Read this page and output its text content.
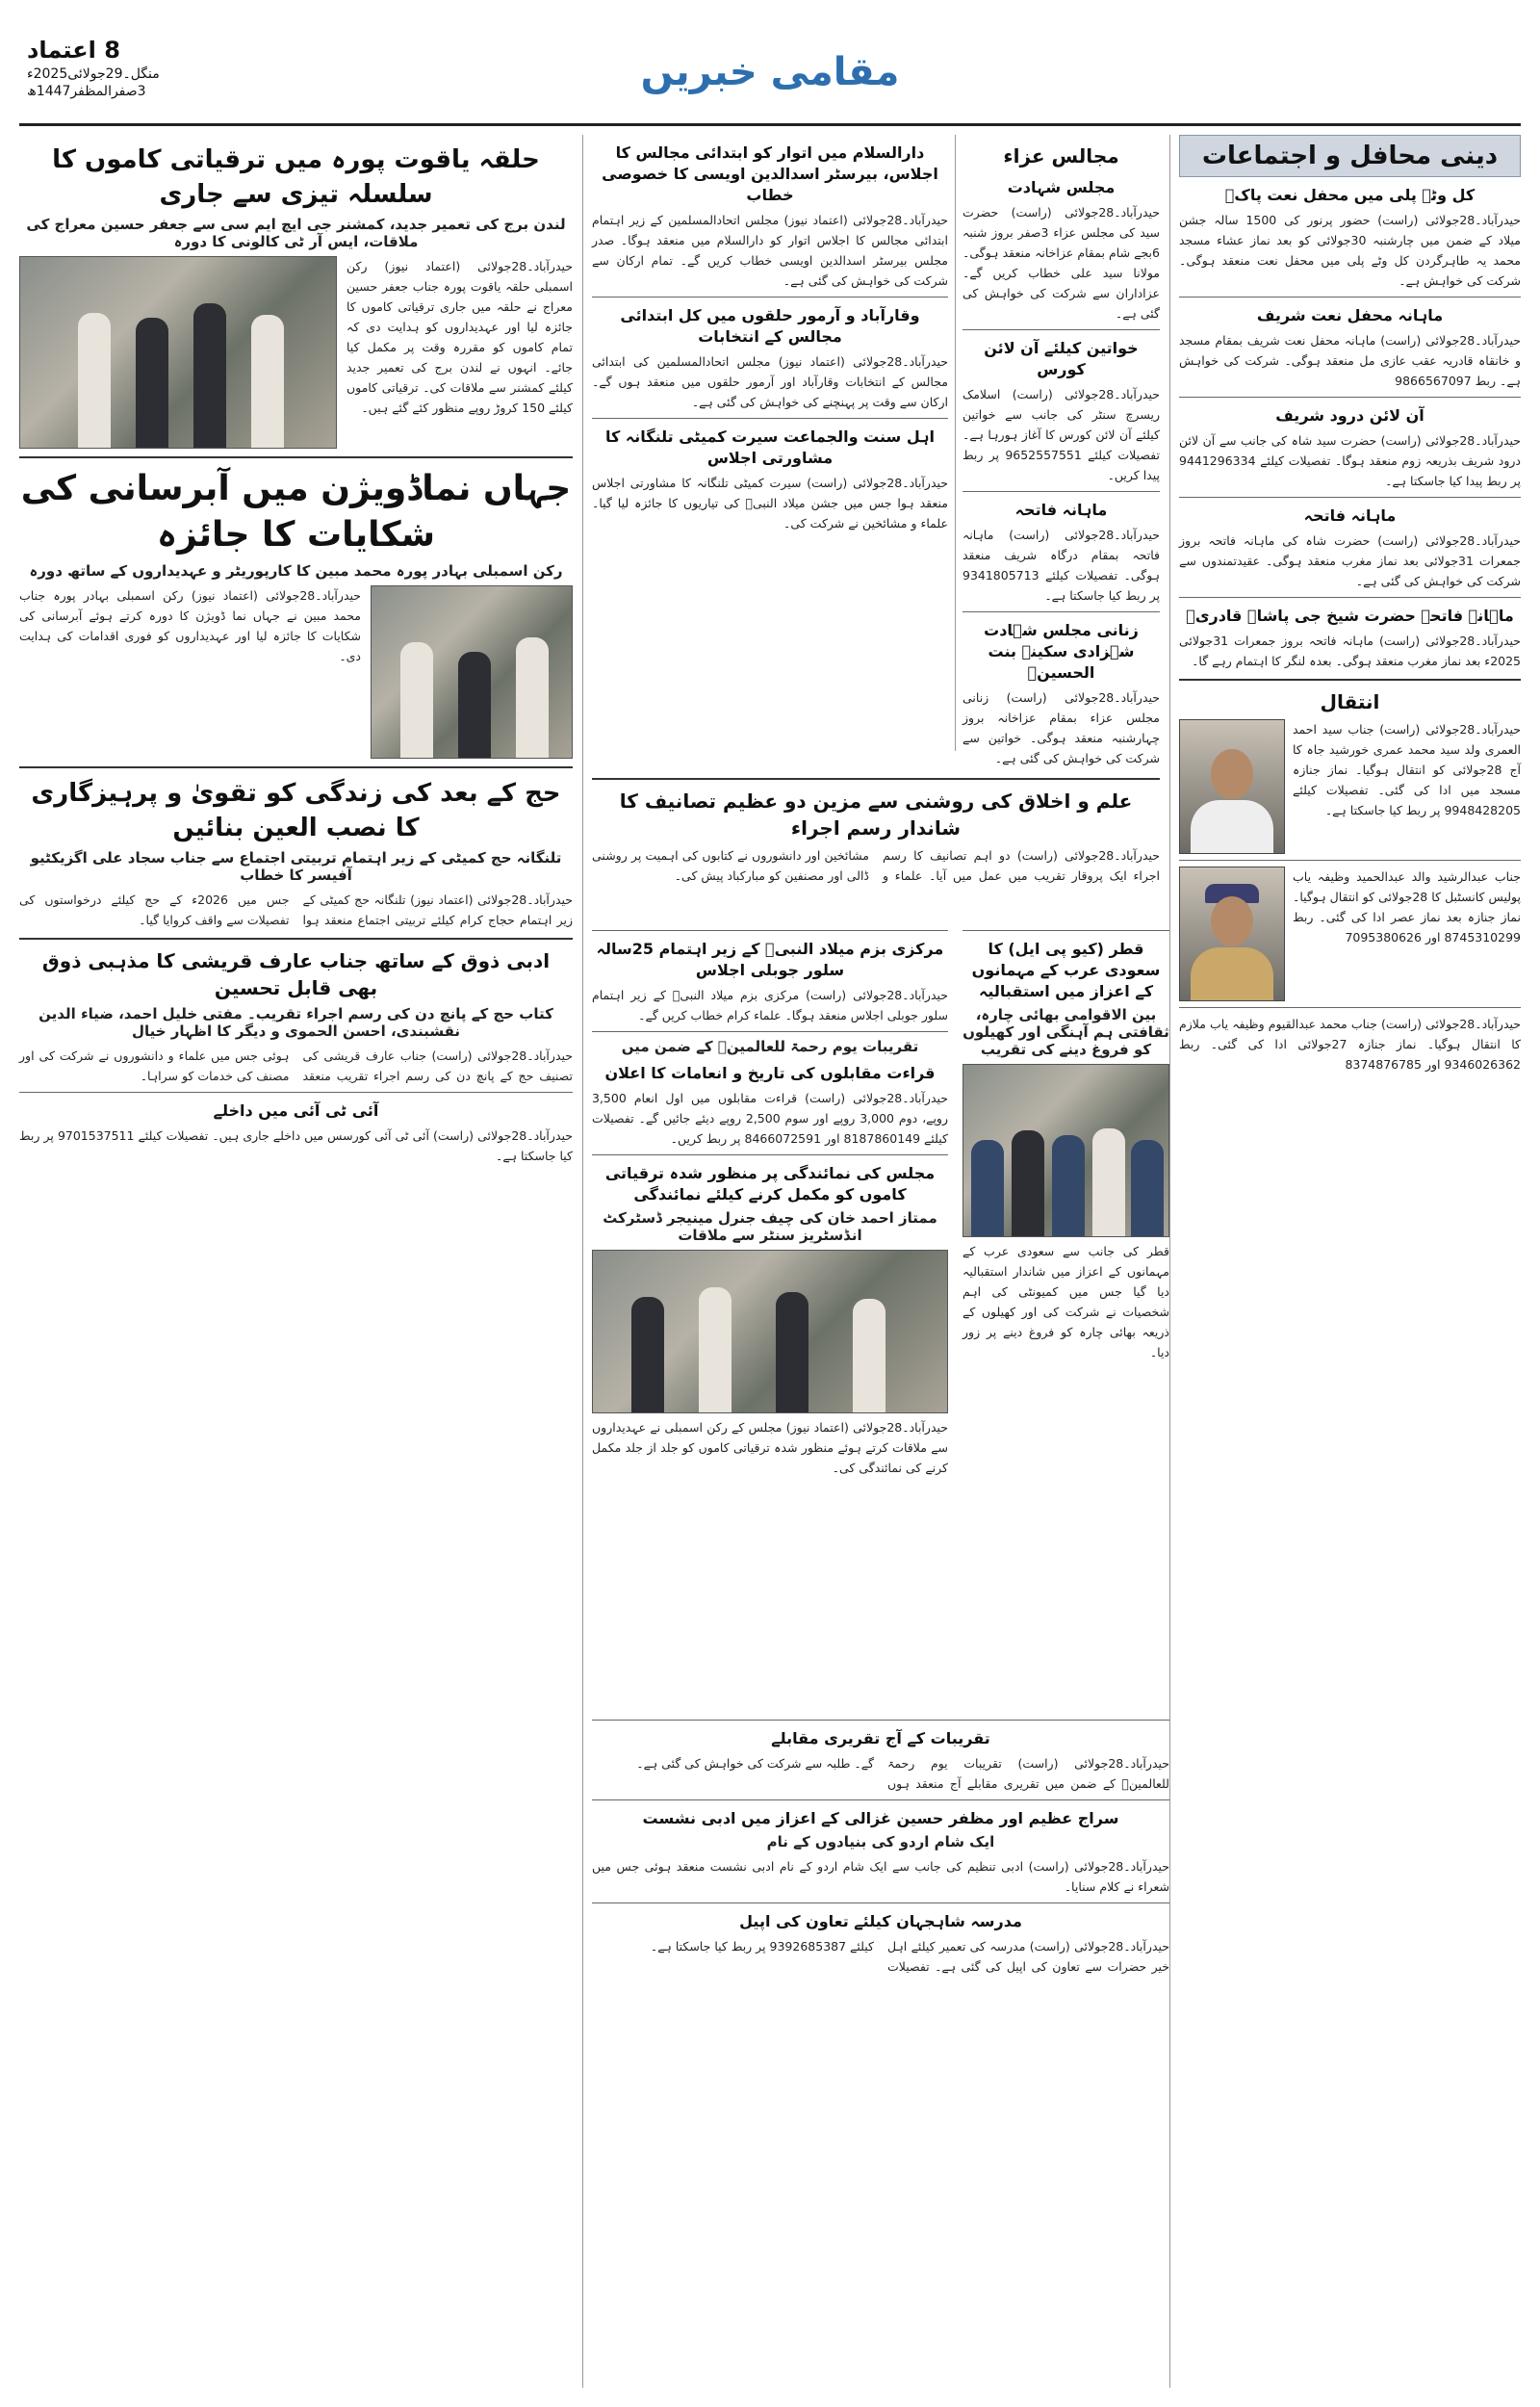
8 اعتماد
منگل۔29جولائی2025ء
3صفرالمظفر1447ھ	مقامی خبریں
دینی محافل و اجتماعات
کل وٹے پلی میں محفل نعت پاکؐ
حیدرآباد۔28جولائی (راست) حضور پرنور کی 1500 سالہ جشن میلاد کے ضمن میں چارشنبہ 30جولائی کو بعد نماز عشاء مسجد محمد یہ طاہرگردن کل وٹے پلی میں محفل نعت منعقد ہوگی۔ شرکت کی خواہش ہے۔
ماہانہ محفل نعت شریف
حیدرآباد۔28جولائی (راست) ماہانہ محفل نعت شریف بمقام مسجد و خانقاہ قادریہ عقب عازی مل منعقد ہوگی۔ شرکت کی خواہش ہے۔ ربط 9866567097
آن لائن درود شریف
حیدرآباد۔28جولائی (راست) حضرت سید شاہ کی جانب سے آن لائن درود شریف بذریعہ زوم منعقد ہوگا۔ تفصیلات کیلئے 9441296334 پر ربط پیدا کیا جاسکتا ہے۔
ماہانہ فاتحہ
حیدرآباد۔28جولائی (راست) حضرت شاہ کی ماہانہ فاتحہ بروز جمعرات 31جولائی بعد نماز مغرب منعقد ہوگی۔ عقیدتمندوں سے شرکت کی خواہش کی گئی ہے۔
ماہانہ فاتحہ حضرت شیخ جی پاشاہ قادریؒ
حیدرآباد۔28جولائی (راست) ماہانہ فاتحہ بروز جمعرات 31جولائی 2025ء بعد نماز مغرب منعقد ہوگی۔ بعدہ لنگر کا اہتمام رہے گا۔
انتقال
حیدرآباد۔28جولائی (راست) جناب سید احمد العمری ولد سید محمد عمری خورشید جاہ کا آج 28جولائی کو انتقال ہوگیا۔ نماز جنازہ مسجد میں ادا کی گئی۔ تفصیلات کیلئے 9948428205 پر ربط کیا جاسکتا ہے۔
جناب عبدالرشید والد عبدالحمید وظیفہ یاب پولیس کانسٹبل کا 28جولائی کو انتقال ہوگیا۔ نماز جنازہ بعد نماز عصر ادا کی گئی۔ ربط 8745310299 اور 7095380626
حیدرآباد۔28جولائی (راست) جناب محمد عبدالقیوم وظیفہ یاب ملازم کا انتقال ہوگیا۔ نماز جنازہ 27جولائی ادا کی گئی۔ ربط 9346026362 اور 8374876785
مجالس عزاء
مجلس شہادت
حیدرآباد۔28جولائی (راست) حضرت سید کی مجلس عزاء 3صفر بروز شنبہ 6بجے شام بمقام عزاخانہ منعقد ہوگی۔ مولانا سید علی خطاب کریں گے۔ عزاداران سے شرکت کی خواہش کی گئی ہے۔
خواتین کیلئے آن لائن کورس
حیدرآباد۔28جولائی (راست) اسلامک ریسرچ سنٹر کی جانب سے خواتین کیلئے آن لائن کورس کا آغاز ہورہا ہے۔ تفصیلات کیلئے 9652557551 پر ربط پیدا کریں۔
ماہانہ فاتحہ
حیدرآباد۔28جولائی (راست) ماہانہ فاتحہ بمقام درگاہ شریف منعقد ہوگی۔ تفصیلات کیلئے 9341805713 پر ربط کیا جاسکتا ہے۔
زنانی مجلس شہادت شہزادی سکینہ بنت الحسینؑ
حیدرآباد۔28جولائی (راست) زنانی مجلس عزاء بمقام عزاخانہ بروز چہارشنبہ منعقد ہوگی۔ خواتین سے شرکت کی خواہش کی گئی ہے۔
دارالسلام میں اتوار کو ابتدائی مجالس کا اجلاس، بیرسٹر اسدالدین اویسی کا خصوصی خطاب
حیدرآباد۔28جولائی (اعتماد نیوز) مجلس اتحادالمسلمین کے زیر اہتمام ابتدائی مجالس کا اجلاس اتوار کو دارالسلام میں منعقد ہوگا۔ صدر مجلس بیرسٹر اسدالدین اویسی خطاب کریں گے۔ تمام ارکان سے شرکت کی خواہش کی گئی ہے۔
وقارآباد و آرمور حلقوں میں کل ابتدائی مجالس کے انتخابات
حیدرآباد۔28جولائی (اعتماد نیوز) مجلس اتحادالمسلمین کی ابتدائی مجالس کے انتخابات وقارآباد اور آرمور حلقوں میں منعقد ہوں گے۔ ارکان سے وقت پر پہنچنے کی خواہش کی گئی ہے۔
اہل سنت والجماعت سیرت کمیٹی تلنگانہ کا مشاورتی اجلاس
حیدرآباد۔28جولائی (راست) سیرت کمیٹی تلنگانہ کا مشاورتی اجلاس منعقد ہوا جس میں جشن میلاد النبیؐ کی تیاریوں کا جائزہ لیا گیا۔ علماء و مشائخین نے شرکت کی۔
علم و اخلاق کی روشنی سے مزین دو عظیم تصانیف کا شاندار رسم اجراء
حیدرآباد۔28جولائی (راست) دو اہم تصانیف کا رسم اجراء ایک پروقار تقریب میں عمل میں آیا۔ علماء و مشائخین اور دانشوروں نے کتابوں کی اہمیت پر روشنی ڈالی اور مصنفین کو مبارکباد پیش کی۔
مرکزی بزم میلاد النبیؐ کے زیر اہتمام 25سالہ سلور جوبلی اجلاس
حیدرآباد۔28جولائی (راست) مرکزی بزم میلاد النبیؐ کے زیر اہتمام سلور جوبلی اجلاس منعقد ہوگا۔ علماء کرام خطاب کریں گے۔
تقریبات یوم رحمۃ للعالمینؐ کے ضمن میں
قراءت مقابلوں کی تاریخ و انعامات کا اعلان
حیدرآباد۔28جولائی (راست) قراءت مقابلوں میں اول انعام 3,500 روپے، دوم 3,000 روپے اور سوم 2,500 روپے دیئے جائیں گے۔ تفصیلات کیلئے 8187860149 اور 8466072591 پر ربط کریں۔
مجلس کی نمائندگی پر منظور شدہ ترقیاتی کاموں کو مکمل کرنے کیلئے نمائندگی
ممتاز احمد خان کی چیف جنرل مینیجر ڈسٹرکٹ انڈسٹریز سنٹر سے ملاقات
حیدرآباد۔28جولائی (اعتماد نیوز) مجلس کے رکن اسمبلی نے عہدیداروں سے ملاقات کرتے ہوئے منظور شدہ ترقیاتی کاموں کو جلد از جلد مکمل کرنے کی نمائندگی کی۔
قطر (کیو پی ایل) کا سعودی عرب کے مہمانوں کے اعزاز میں استقبالیہ
بین الاقوامی بھائی چارہ، ثقافتی ہم آہنگی اور کھیلوں کو فروغ دینے کی تقریب
قطر کی جانب سے سعودی عرب کے مہمانوں کے اعزاز میں شاندار استقبالیہ دیا گیا جس میں کمیونٹی کی اہم شخصیات نے شرکت کی اور کھیلوں کے ذریعہ بھائی چارہ کو فروغ دینے پر زور دیا۔
تقریبات کے آج تقریری مقابلے
حیدرآباد۔28جولائی (راست) تقریبات یوم رحمۃ للعالمینؐ کے ضمن میں تقریری مقابلے آج منعقد ہوں گے۔ طلبہ سے شرکت کی خواہش کی گئی ہے۔
سراج عظیم اور مظفر حسین غزالی کے اعزاز میں ادبی نشست
ایک شام اردو کی بنیادوں کے نام
حیدرآباد۔28جولائی (راست) ادبی تنظیم کی جانب سے ایک شام اردو کے نام ادبی نشست منعقد ہوئی جس میں شعراء نے کلام سنایا۔
مدرسہ شاہجہان کیلئے تعاون کی اپیل
حیدرآباد۔28جولائی (راست) مدرسہ کی تعمیر کیلئے اہل خیر حضرات سے تعاون کی اپیل کی گئی ہے۔ تفصیلات کیلئے 9392685387 پر ربط کیا جاسکتا ہے۔
حلقہ یاقوت پورہ میں ترقیاتی کاموں کا سلسلہ تیزی سے جاری
لندن برج کی تعمیر جدید، کمشنر جی ایچ ایم سی سے جعفر حسین معراج کی ملاقات، ایس آر ٹی کالونی کا دورہ
حیدرآباد۔28جولائی (اعتماد نیوز) رکن اسمبلی حلقہ یاقوت پورہ جناب جعفر حسین معراج نے حلقہ میں جاری ترقیاتی کاموں کا جائزہ لیا اور عہدیداروں کو ہدایت دی کہ تمام کاموں کو مقررہ وقت پر مکمل کیا جائے۔ انہوں نے لندن برج کی تعمیر جدید کیلئے کمشنر سے ملاقات کی۔ ترقیاتی کاموں کیلئے 150 کروڑ روپے منظور کئے گئے ہیں۔
جہاں نماڈویژن میں آبرسانی کی شکایات کا جائزہ
رکن اسمبلی بہادر پورہ محمد مبین کا کارپوریٹر و عہدیداروں کے ساتھ دورہ
حیدرآباد۔28جولائی (اعتماد نیوز) رکن اسمبلی بہادر پورہ جناب محمد مبین نے جہاں نما ڈویژن کا دورہ کرتے ہوئے آبرسانی کی شکایات کا جائزہ لیا اور عہدیداروں کو فوری اقدامات کی ہدایت دی۔
حج کے بعد کی زندگی کو تقویٰ و پرہیزگاری کا نصب العین بنائیں
تلنگانہ حج کمیٹی کے زیر اہتمام تربیتی اجتماع سے جناب سجاد علی اگزیکٹیو آفیسر کا خطاب
حیدرآباد۔28جولائی (اعتماد نیوز) تلنگانہ حج کمیٹی کے زیر اہتمام حجاج کرام کیلئے تربیتی اجتماع منعقد ہوا جس میں 2026ء کے حج کیلئے درخواستوں کی تفصیلات سے واقف کروایا گیا۔
ادبی ذوق کے ساتھ جناب عارف قریشی کا مذہبی ذوق بھی قابل تحسین
کتاب حج کے پانچ دن کی رسم اجراء تقریب۔ مفتی خلیل احمد، ضیاء الدین نقشبندی، احسن الحموی و دیگر کا اظہار خیال
حیدرآباد۔28جولائی (راست) جناب عارف قریشی کی تصنیف حج کے پانچ دن کی رسم اجراء تقریب منعقد ہوئی جس میں علماء و دانشوروں نے شرکت کی اور مصنف کی خدمات کو سراہا۔
آئی ٹی آئی میں داخلے
حیدرآباد۔28جولائی (راست) آئی ٹی آئی کورسس میں داخلے جاری ہیں۔ تفصیلات کیلئے 9701537511 پر ربط کیا جاسکتا ہے۔
